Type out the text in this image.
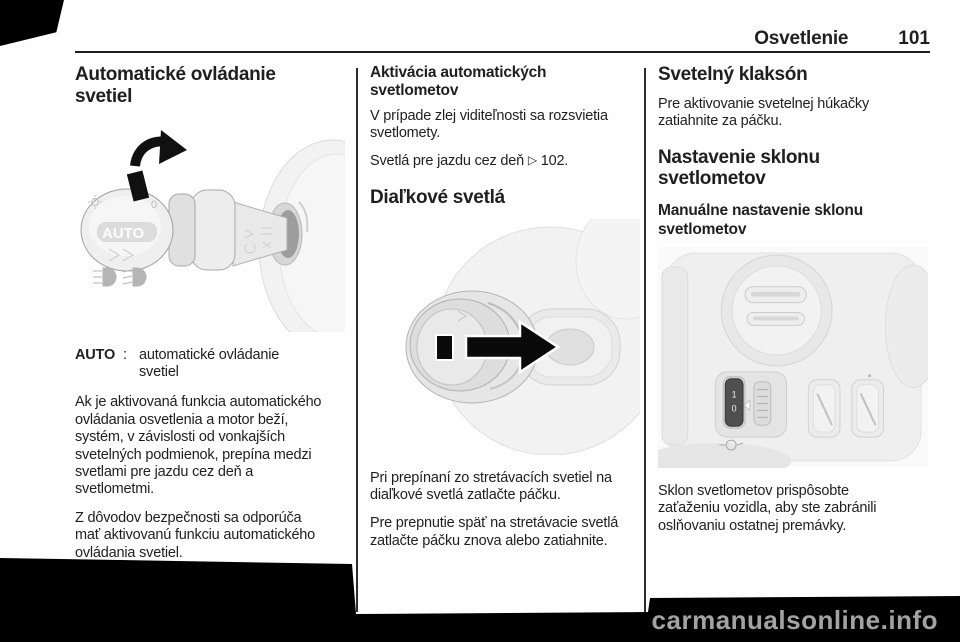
Osvetlenie	101
Automatické ovládanie svetiel
0
AUTO
AUTO : automatické ovládanie svetiel

Ak je aktivovaná funkcia automatického ovládania osvetlenia a motor beží, systém, v závislosti od vonkajších svetelných podmienok, prepína medzi svetlami pre jazdu cez deň a svetlometmi.

Z dôvodov bezpečnosti sa odporúča mať aktivovanú funkciu automatického ovládania svetiel.

Aktivácia automatických svetlometov

V prípade zlej viditeľnosti sa rozsvietia svetlomety.

Svetlá pre jazdu cez deň ▷ 102.

Diaľkové svetlá

Pri prepínaní zo stretávacích svetiel na diaľkové svetlá zatlačte páčku.

Pre prepnutie späť na stretávacie svetlá zatlačte páčku znova alebo zatiahnite.

Svetelný klaksón

Pre aktivovanie svetelnej húkačky zatiahnite za páčku.

Nastavenie sklonu svetlometov
Manuálne nastavenie sklonu svetlometov
1
0

Sklon svetlometov prispôsobte zaťaženiu vozidla, aby ste zabránili oslňovaniu ostatnej premávky.

carmanualsonline.info
